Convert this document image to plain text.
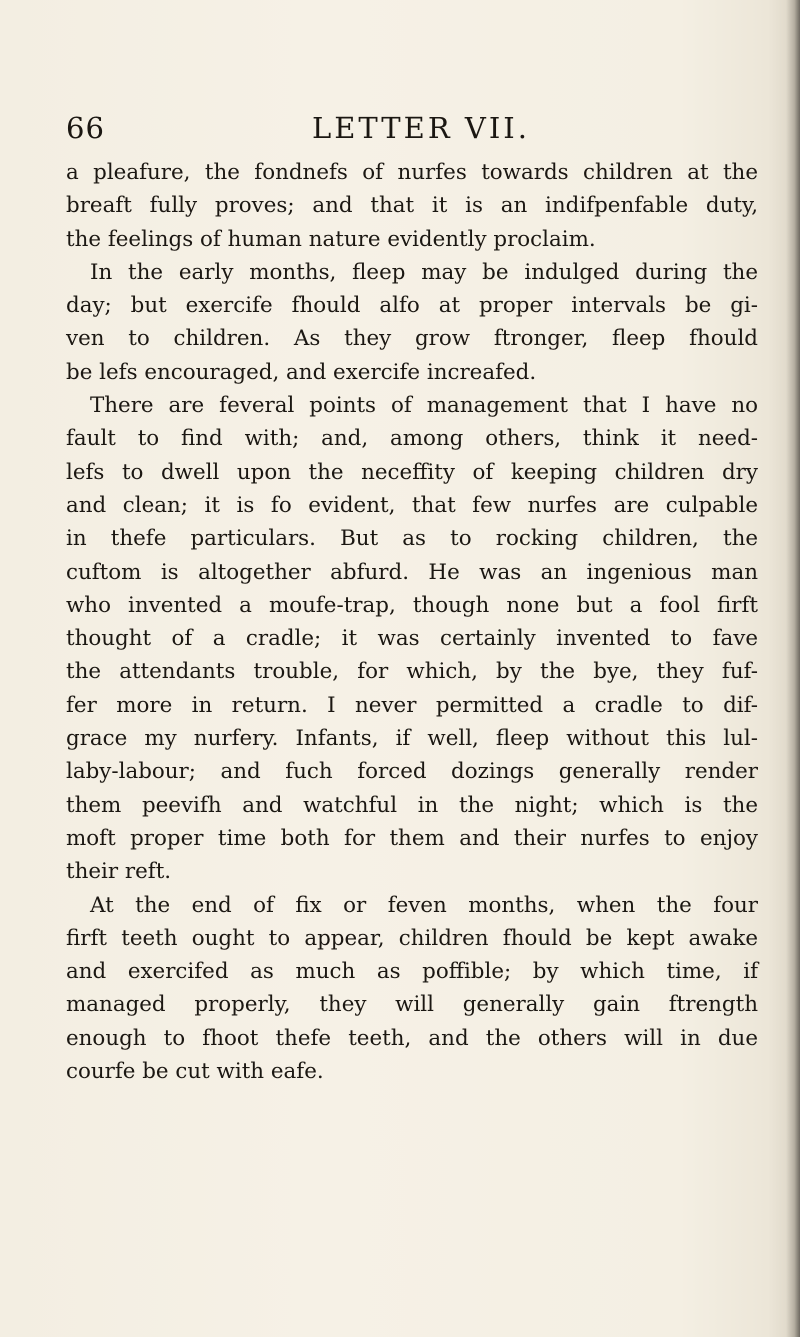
66	LETTER VII.
a pleafure, the fondnefs of nurfes towards children at the
breaft fully proves; and that it is an indifpenfable duty,
the feelings of human nature evidently proclaim.
In the early months, fleep may be indulged during the
day; but exercife fhould alfo at proper intervals be gi-
ven to children. As they grow ftronger, fleep fhould
be lefs encouraged, and exercife increafed.
There are feveral points of management that I have no
fault to find with; and, among others, think it need-
lefs to dwell upon the neceffity of keeping children dry
and clean; it is fo evident, that few nurfes are culpable
in thefe particulars. But as to rocking children, the
cuftom is altogether abfurd. He was an ingenious man
who invented a moufe-trap, though none but a fool firft
thought of a cradle; it was certainly invented to fave
the attendants trouble, for which, by the bye, they fuf-
fer more in return. I never permitted a cradle to dif-
grace my nurfery. Infants, if well, fleep without this lul-
laby-labour; and fuch forced dozings generally render
them peevifh and watchful in the night; which is the
moft proper time both for them and their nurfes to enjoy
their reft.
At the end of fix or feven months, when the four
firft teeth ought to appear, children fhould be kept awake
and exercifed as much as poffible; by which time, if
managed properly, they will generally gain ftrength
enough to fhoot thefe teeth, and the others will in due
courfe be cut with eafe.
